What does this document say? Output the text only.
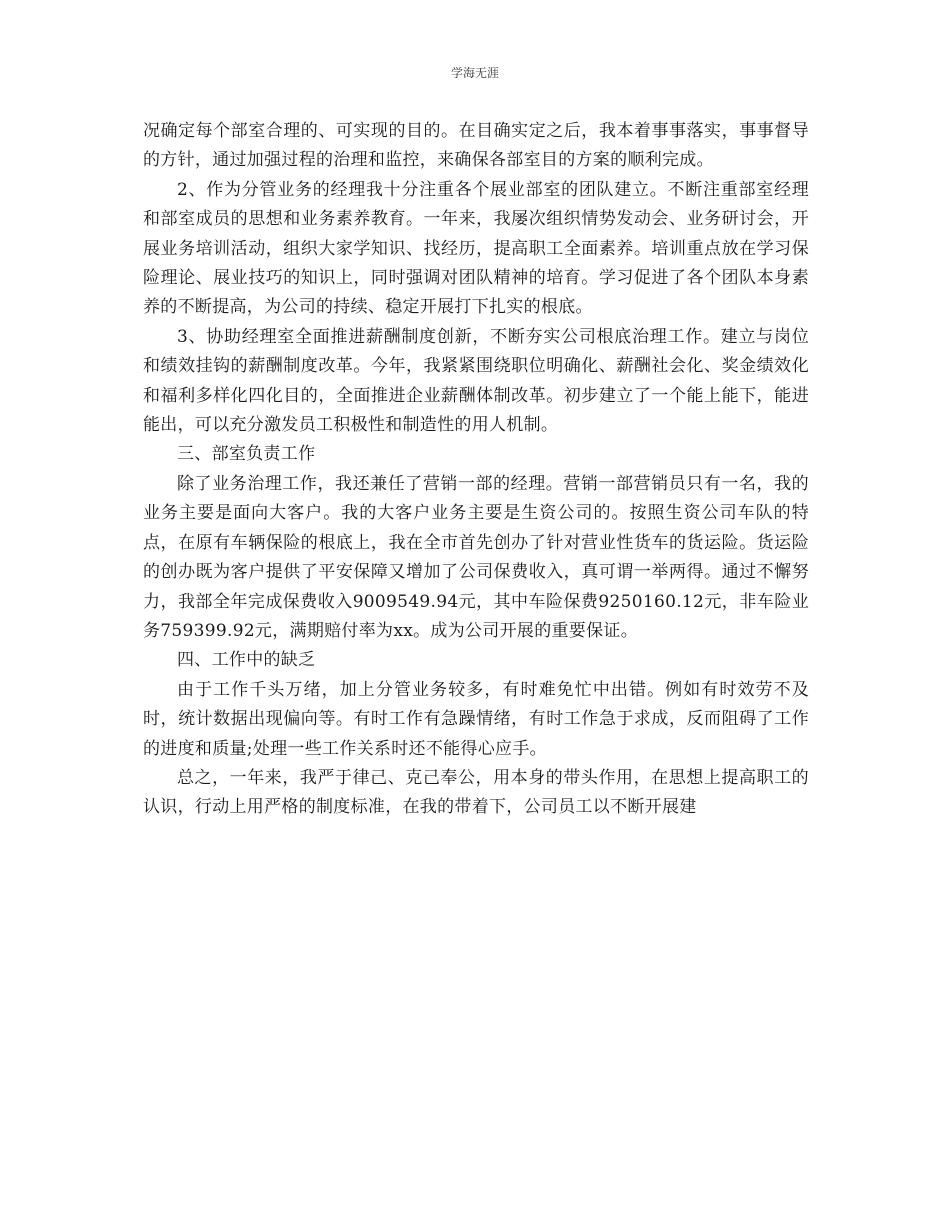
学海无涯

况确定每个部室合理的、可实现的目的。在目确实定之后，我本着事事落实，事事督导的方针，通过加强过程的治理和监控，来确保各部室目的方案的顺利完成。

2、作为分管业务的经理我十分注重各个展业部室的团队建立。不断注重部室经理和部室成员的思想和业务素养教育。一年来，我屡次组织情势发动会、业务研讨会，开展业务培训活动，组织大家学知识、找经历，提高职工全面素养。培训重点放在学习保险理论、展业技巧的知识上，同时强调对团队精神的培育。学习促进了各个团队本身素养的不断提高，为公司的持续、稳定开展打下扎实的根底。

3、协助经理室全面推进薪酬制度创新，不断夯实公司根底治理工作。建立与岗位和绩效挂钩的薪酬制度改革。今年，我紧紧围绕职位明确化、薪酬社会化、奖金绩效化和福利多样化四化目的，全面推进企业薪酬体制改革。初步建立了一个能上能下，能进能出，可以充分激发员工积极性和制造性的用人机制。

三、部室负责工作

除了业务治理工作，我还兼任了营销一部的经理。营销一部营销员只有一名，我的业务主要是面向大客户。我的大客户业务主要是生资公司的。按照生资公司车队的特点，在原有车辆保险的根底上，我在全市首先创办了针对营业性货车的货运险。货运险的创办既为客户提供了平安保障又增加了公司保费收入，真可谓一举两得。通过不懈努力，我部全年完成保费收入9009549.94元，其中车险保费9250160.12元，非车险业务759399.92元，满期赔付率为xx。成为公司开展的重要保证。

四、工作中的缺乏

由于工作千头万绪，加上分管业务较多，有时难免忙中出错。例如有时效劳不及时，统计数据出现偏向等。有时工作有急躁情绪，有时工作急于求成，反而阻碍了工作的进度和质量;处理一些工作关系时还不能得心应手。

总之，一年来，我严于律己、克己奉公，用本身的带头作用，在思想上提高职工的认识，行动上用严格的制度标准，在我的带着下，公司员工以不断开展建
